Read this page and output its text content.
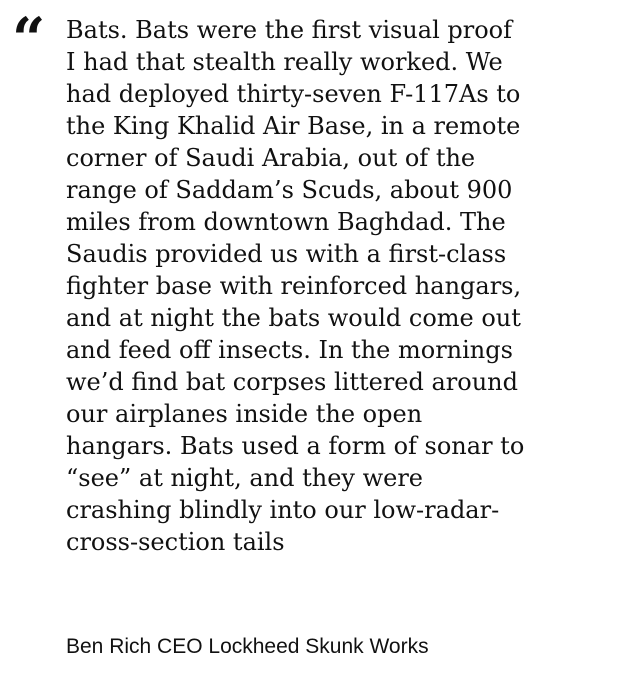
“ Bats. Bats were the first visual proof
I had that stealth really worked. We
had deployed thirty-seven F-117As to
the King Khalid Air Base, in a remote
corner of Saudi Arabia, out of the
range of Saddam’s Scuds, about 900
miles from downtown Baghdad. The
Saudis provided us with a first-class
fighter base with reinforced hangars,
and at night the bats would come out
and feed off insects. In the mornings
we’d find bat corpses littered around
our airplanes inside the open
hangars. Bats used a form of sonar to
“see” at night, and they were
crashing blindly into our low-radar-
cross-section tails
Ben Rich CEO Lockheed Skunk Works
